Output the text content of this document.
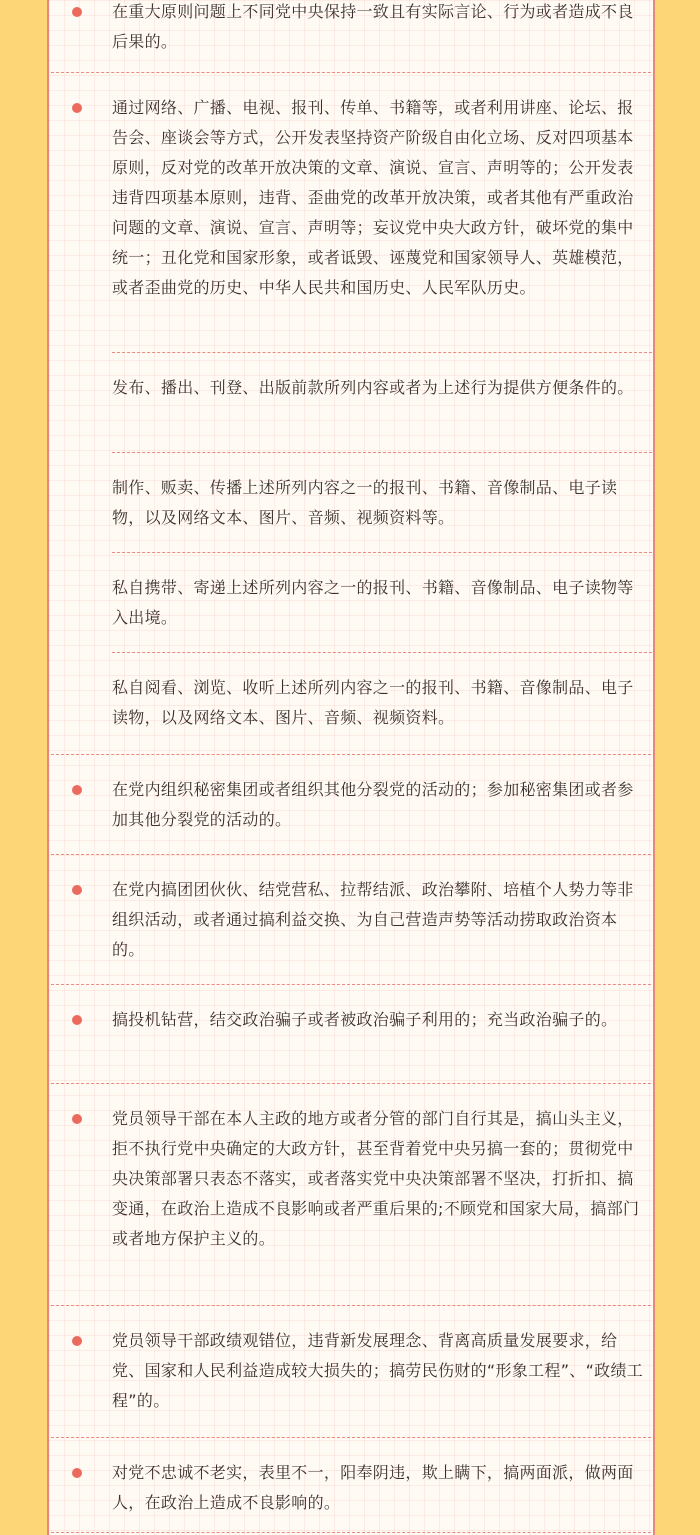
在重大原则问题上不同党中央保持一致且有实际言论、行为或者造成不良后果的。

通过网络、广播、电视、报刊、传单、书籍等，或者利用讲座、论坛、报告会、座谈会等方式，公开发表坚持资产阶级自由化立场、反对四项基本原则，反对党的改革开放决策的文章、演说、宣言、声明等的；公开发表违背四项基本原则，违背、歪曲党的改革开放决策，或者其他有严重政治问题的文章、演说、宣言、声明等；妄议党中央大政方针，破坏党的集中统一；丑化党和国家形象，或者诋毁、诬蔑党和国家领导人、英雄模范，或者歪曲党的历史、中华人民共和国历史、人民军队历史。

发布、播出、刊登、出版前款所列内容或者为上述行为提供方便条件的。

制作、贩卖、传播上述所列内容之一的报刊、书籍、音像制品、电子读物，以及网络文本、图片、音频、视频资料等。

私自携带、寄递上述所列内容之一的报刊、书籍、音像制品、电子读物等入出境。

私自阅看、浏览、收听上述所列内容之一的报刊、书籍、音像制品、电子读物，以及网络文本、图片、音频、视频资料。

在党内组织秘密集团或者组织其他分裂党的活动的；参加秘密集团或者参加其他分裂党的活动的。

在党内搞团团伙伙、结党营私、拉帮结派、政治攀附、培植个人势力等非组织活动，或者通过搞利益交换、为自己营造声势等活动捞取政治资本的。

搞投机钻营，结交政治骗子或者被政治骗子利用的；充当政治骗子的。

党员领导干部在本人主政的地方或者分管的部门自行其是，搞山头主义，拒不执行党中央确定的大政方针，甚至背着党中央另搞一套的；贯彻党中央决策部署只表态不落实，或者落实党中央决策部署不坚决，打折扣、搞变通，在政治上造成不良影响或者严重后果的;不顾党和国家大局，搞部门或者地方保护主义的。

党员领导干部政绩观错位，违背新发展理念、背离高质量发展要求，给党、国家和人民利益造成较大损失的；搞劳民伤财的“形象工程”、“政绩工程”的。

对党不忠诚不老实，表里不一，阳奉阴违，欺上瞒下，搞两面派，做两面人，在政治上造成不良影响的。
